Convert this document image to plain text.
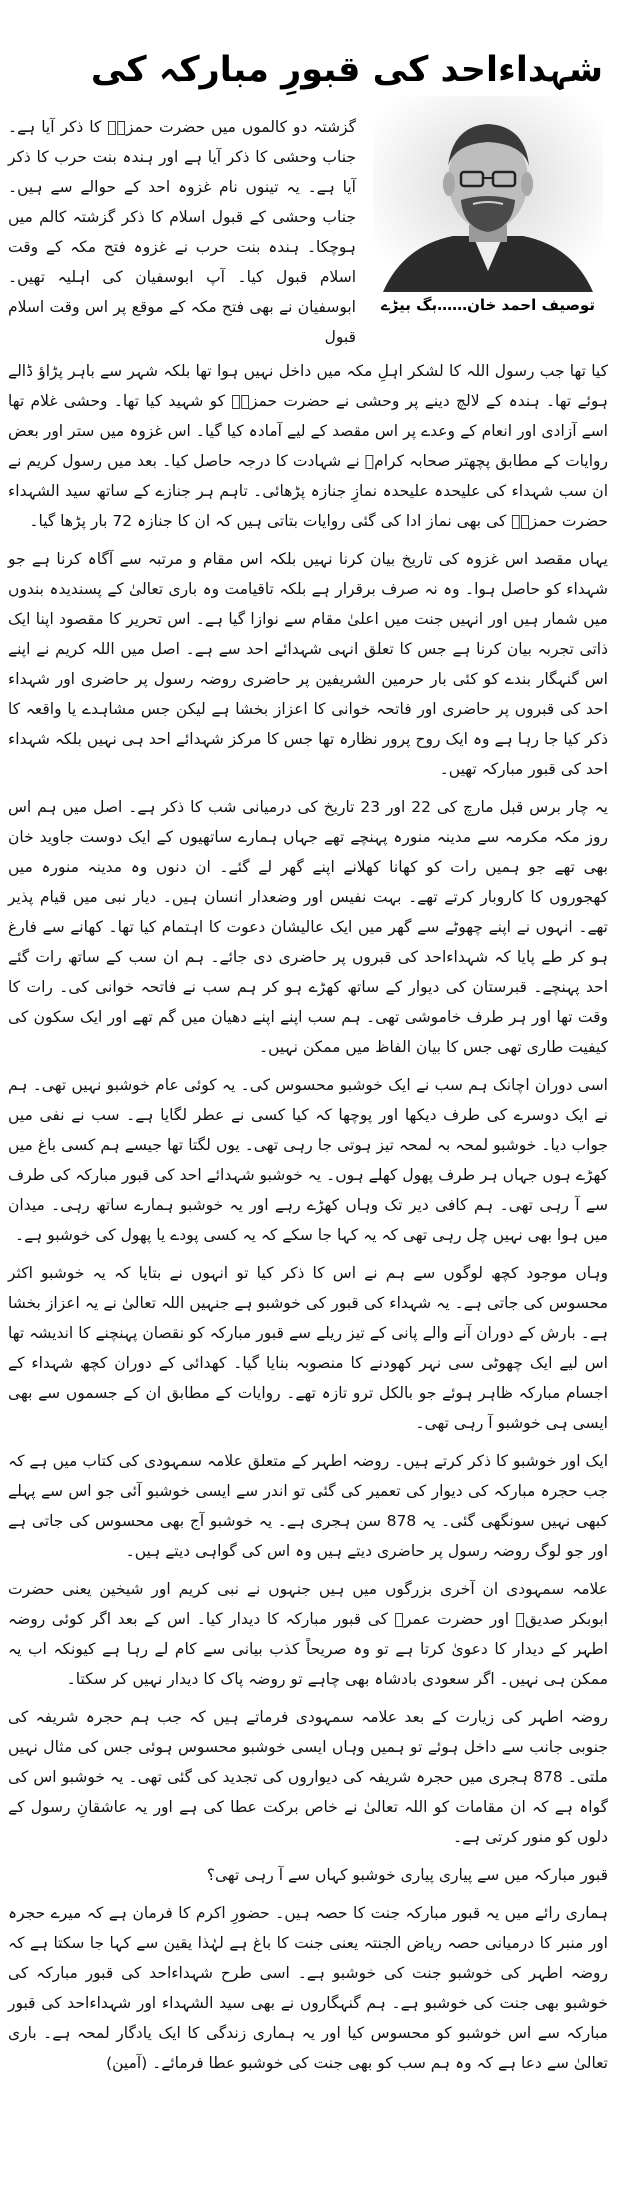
شہداءاحد کی قبورِ مبارکہ کی
توصیف احمد خان……بگ بیڑے

گزشتہ دو کالموں میں حضرت حمزہؓ کا ذکر آیا ہے۔ جناب وحشی کا ذکر آیا ہے اور ہندہ بنت حرب کا ذکر آیا ہے۔ یہ تینوں نام غزوہ احد کے حوالے سے ہیں۔ جناب وحشی کے قبول اسلام کا ذکر گزشتہ کالم میں ہوچکا۔ ہندہ بنت حرب نے غزوہ فتح مکہ کے وقت اسلام قبول کیا۔ آپ ابوسفیان کی اہلیہ تھیں۔ ابوسفیان نے بھی فتح مکہ کے موقع پر اس وقت اسلام قبول

کیا تھا جب رسول اللہ کا لشکر اہلِ مکہ میں داخل نہیں ہوا تھا بلکہ شہر سے باہر پڑاؤ ڈالے ہوئے تھا۔ ہندہ کے لالچ دینے پر وحشی نے حضرت حمزہؓ کو شہید کیا تھا۔ وحشی غلام تھا اسے آزادی اور انعام کے وعدے پر اس مقصد کے لیے آمادہ کیا گیا۔ اس غزوہ میں ستر اور بعض روایات کے مطابق پچھتر صحابہ کرامؓ نے شہادت کا درجہ حاصل کیا۔ بعد میں رسول کریم نے ان سب شہداء کی علیحدہ علیحدہ نمازِ جنازہ پڑھائی۔ تاہم ہر جنازے کے ساتھ سید الشہداء حضرت حمزہؓ کی بھی نماز ادا کی گئی روایات بتاتی ہیں کہ ان کا جنازہ 72 بار پڑھا گیا۔

یہاں مقصد اس غزوہ کی تاریخ بیان کرنا نہیں بلکہ اس مقام و مرتبہ سے آگاہ کرنا ہے جو شہداء کو حاصل ہوا۔ وہ نہ صرف برقرار ہے بلکہ تاقیامت وہ باری تعالیٰ کے پسندیدہ بندوں میں شمار ہیں اور انہیں جنت میں اعلیٰ مقام سے نوازا گیا ہے۔ اس تحریر کا مقصود اپنا ایک ذاتی تجربہ بیان کرنا ہے جس کا تعلق انہی شہدائے احد سے ہے۔ اصل میں اللہ کریم نے اپنے اس گنہگار بندے کو کئی بار حرمین الشریفین پر حاضری روضہ رسول پر حاضری اور شہداء احد کی قبروں پر حاضری اور فاتحہ خوانی کا اعزاز بخشا ہے لیکن جس مشاہدے یا واقعہ کا ذکر کیا جا رہا ہے وہ ایک روح پرور نظارہ تھا جس کا مرکز شہدائے احد ہی نہیں بلکہ شہداء احد کی قبور مبارکہ تھیں۔

یہ چار برس قبل مارچ کی 22 اور 23 تاریخ کی درمیانی شب کا ذکر ہے۔ اصل میں ہم اس روز مکہ مکرمہ سے مدینہ منورہ پہنچے تھے جہاں ہمارے ساتھیوں کے ایک دوست جاوید خان بھی تھے جو ہمیں رات کو کھانا کھلانے اپنے گھر لے گئے۔ ان دنوں وہ مدینہ منورہ میں کھجوروں کا کاروبار کرتے تھے۔ بہت نفیس اور وضعدار انسان ہیں۔ دیار نبی میں قیام پذیر تھے۔ انہوں نے اپنے چھوٹے سے گھر میں ایک عالیشان دعوت کا اہتمام کیا تھا۔ کھانے سے فارغ ہو کر طے پایا کہ شہداءاحد کی قبروں پر حاضری دی جائے۔ ہم ان سب کے ساتھ رات گئے احد پہنچے۔ قبرستان کی دیوار کے ساتھ کھڑے ہو کر ہم سب نے فاتحہ خوانی کی۔ رات کا وقت تھا اور ہر طرف خاموشی تھی۔ ہم سب اپنے اپنے دھیان میں گم تھے اور ایک سکون کی کیفیت طاری تھی جس کا بیان الفاظ میں ممکن نہیں۔

اسی دوران اچانک ہم سب نے ایک خوشبو محسوس کی۔ یہ کوئی عام خوشبو نہیں تھی۔ ہم نے ایک دوسرے کی طرف دیکھا اور پوچھا کہ کیا کسی نے عطر لگایا ہے۔ سب نے نفی میں جواب دیا۔ خوشبو لمحہ بہ لمحہ تیز ہوتی جا رہی تھی۔ یوں لگتا تھا جیسے ہم کسی باغ میں کھڑے ہوں جہاں ہر طرف پھول کھلے ہوں۔ یہ خوشبو شہدائے احد کی قبور مبارکہ کی طرف سے آ رہی تھی۔ ہم کافی دیر تک وہاں کھڑے رہے اور یہ خوشبو ہمارے ساتھ رہی۔ میدان میں ہوا بھی نہیں چل رہی تھی کہ یہ کہا جا سکے کہ یہ کسی پودے یا پھول کی خوشبو ہے۔

وہاں موجود کچھ لوگوں سے ہم نے اس کا ذکر کیا تو انہوں نے بتایا کہ یہ خوشبو اکثر محسوس کی جاتی ہے۔ یہ شہداء کی قبور کی خوشبو ہے جنہیں اللہ تعالیٰ نے یہ اعزاز بخشا ہے۔ بارش کے دوران آنے والے پانی کے تیز ریلے سے قبور مبارکہ کو نقصان پہنچنے کا اندیشہ تھا اس لیے ایک چھوٹی سی نہر کھودنے کا منصوبہ بنایا گیا۔ کھدائی کے دوران کچھ شہداء کے اجسام مبارکہ ظاہر ہوئے جو بالکل ترو تازہ تھے۔ روایات کے مطابق ان کے جسموں سے بھی ایسی ہی خوشبو آ رہی تھی۔

ایک اور خوشبو کا ذکر کرتے ہیں۔ روضہ اطہر کے متعلق علامہ سمہودی کی کتاب میں ہے کہ جب حجرہ مبارکہ کی دیوار کی تعمیر کی گئی تو اندر سے ایسی خوشبو آئی جو اس سے پہلے کبھی نہیں سونگھی گئی۔ یہ 878 سن ہجری ہے۔ یہ خوشبو آج بھی محسوس کی جاتی ہے اور جو لوگ روضہ رسول پر حاضری دیتے ہیں وہ اس کی گواہی دیتے ہیں۔

علامہ سمہودی ان آخری بزرگوں میں ہیں جنہوں نے نبی کریم اور شیخین یعنی حضرت ابوبکر صدیقؓ اور حضرت عمرؓ کی قبور مبارکہ کا دیدار کیا۔ اس کے بعد اگر کوئی روضہ اطہر کے دیدار کا دعویٰ کرتا ہے تو وہ صریحاً کذب بیانی سے کام لے رہا ہے کیونکہ اب یہ ممکن ہی نہیں۔ اگر سعودی بادشاہ بھی چاہے تو روضہ پاک کا دیدار نہیں کر سکتا۔

روضہ اطہر کی زیارت کے بعد علامہ سمہودی فرماتے ہیں کہ جب ہم حجرہ شریفہ کی جنوبی جانب سے داخل ہوئے تو ہمیں وہاں ایسی خوشبو محسوس ہوئی جس کی مثال نہیں ملتی۔ 878 ہجری میں حجرہ شریفہ کی دیواروں کی تجدید کی گئی تھی۔ یہ خوشبو اس کی گواہ ہے کہ ان مقامات کو اللہ تعالیٰ نے خاص برکت عطا کی ہے اور یہ عاشقانِ رسول کے دلوں کو منور کرتی ہے۔

قبور مبارکہ میں سے پیاری پیاری خوشبو کہاں سے آ رہی تھی؟

ہماری رائے میں یہ قبور مبارکہ جنت کا حصہ ہیں۔ حضورِ اکرم کا فرمان ہے کہ میرے حجرہ اور منبر کا درمیانی حصہ ریاض الجنتہ یعنی جنت کا باغ ہے لہٰذا یقین سے کہا جا سکتا ہے کہ روضہ اطہر کی خوشبو جنت کی خوشبو ہے۔ اسی طرح شہداءاحد کی قبور مبارکہ کی خوشبو بھی جنت کی خوشبو ہے۔ ہم گنہگاروں نے بھی سید الشہداء اور شہداءاحد کی قبور مبارکہ سے اس خوشبو کو محسوس کیا اور یہ ہماری زندگی کا ایک یادگار لمحہ ہے۔ باری تعالیٰ سے دعا ہے کہ وہ ہم سب کو بھی جنت کی خوشبو عطا فرمائے۔ (آمین)
